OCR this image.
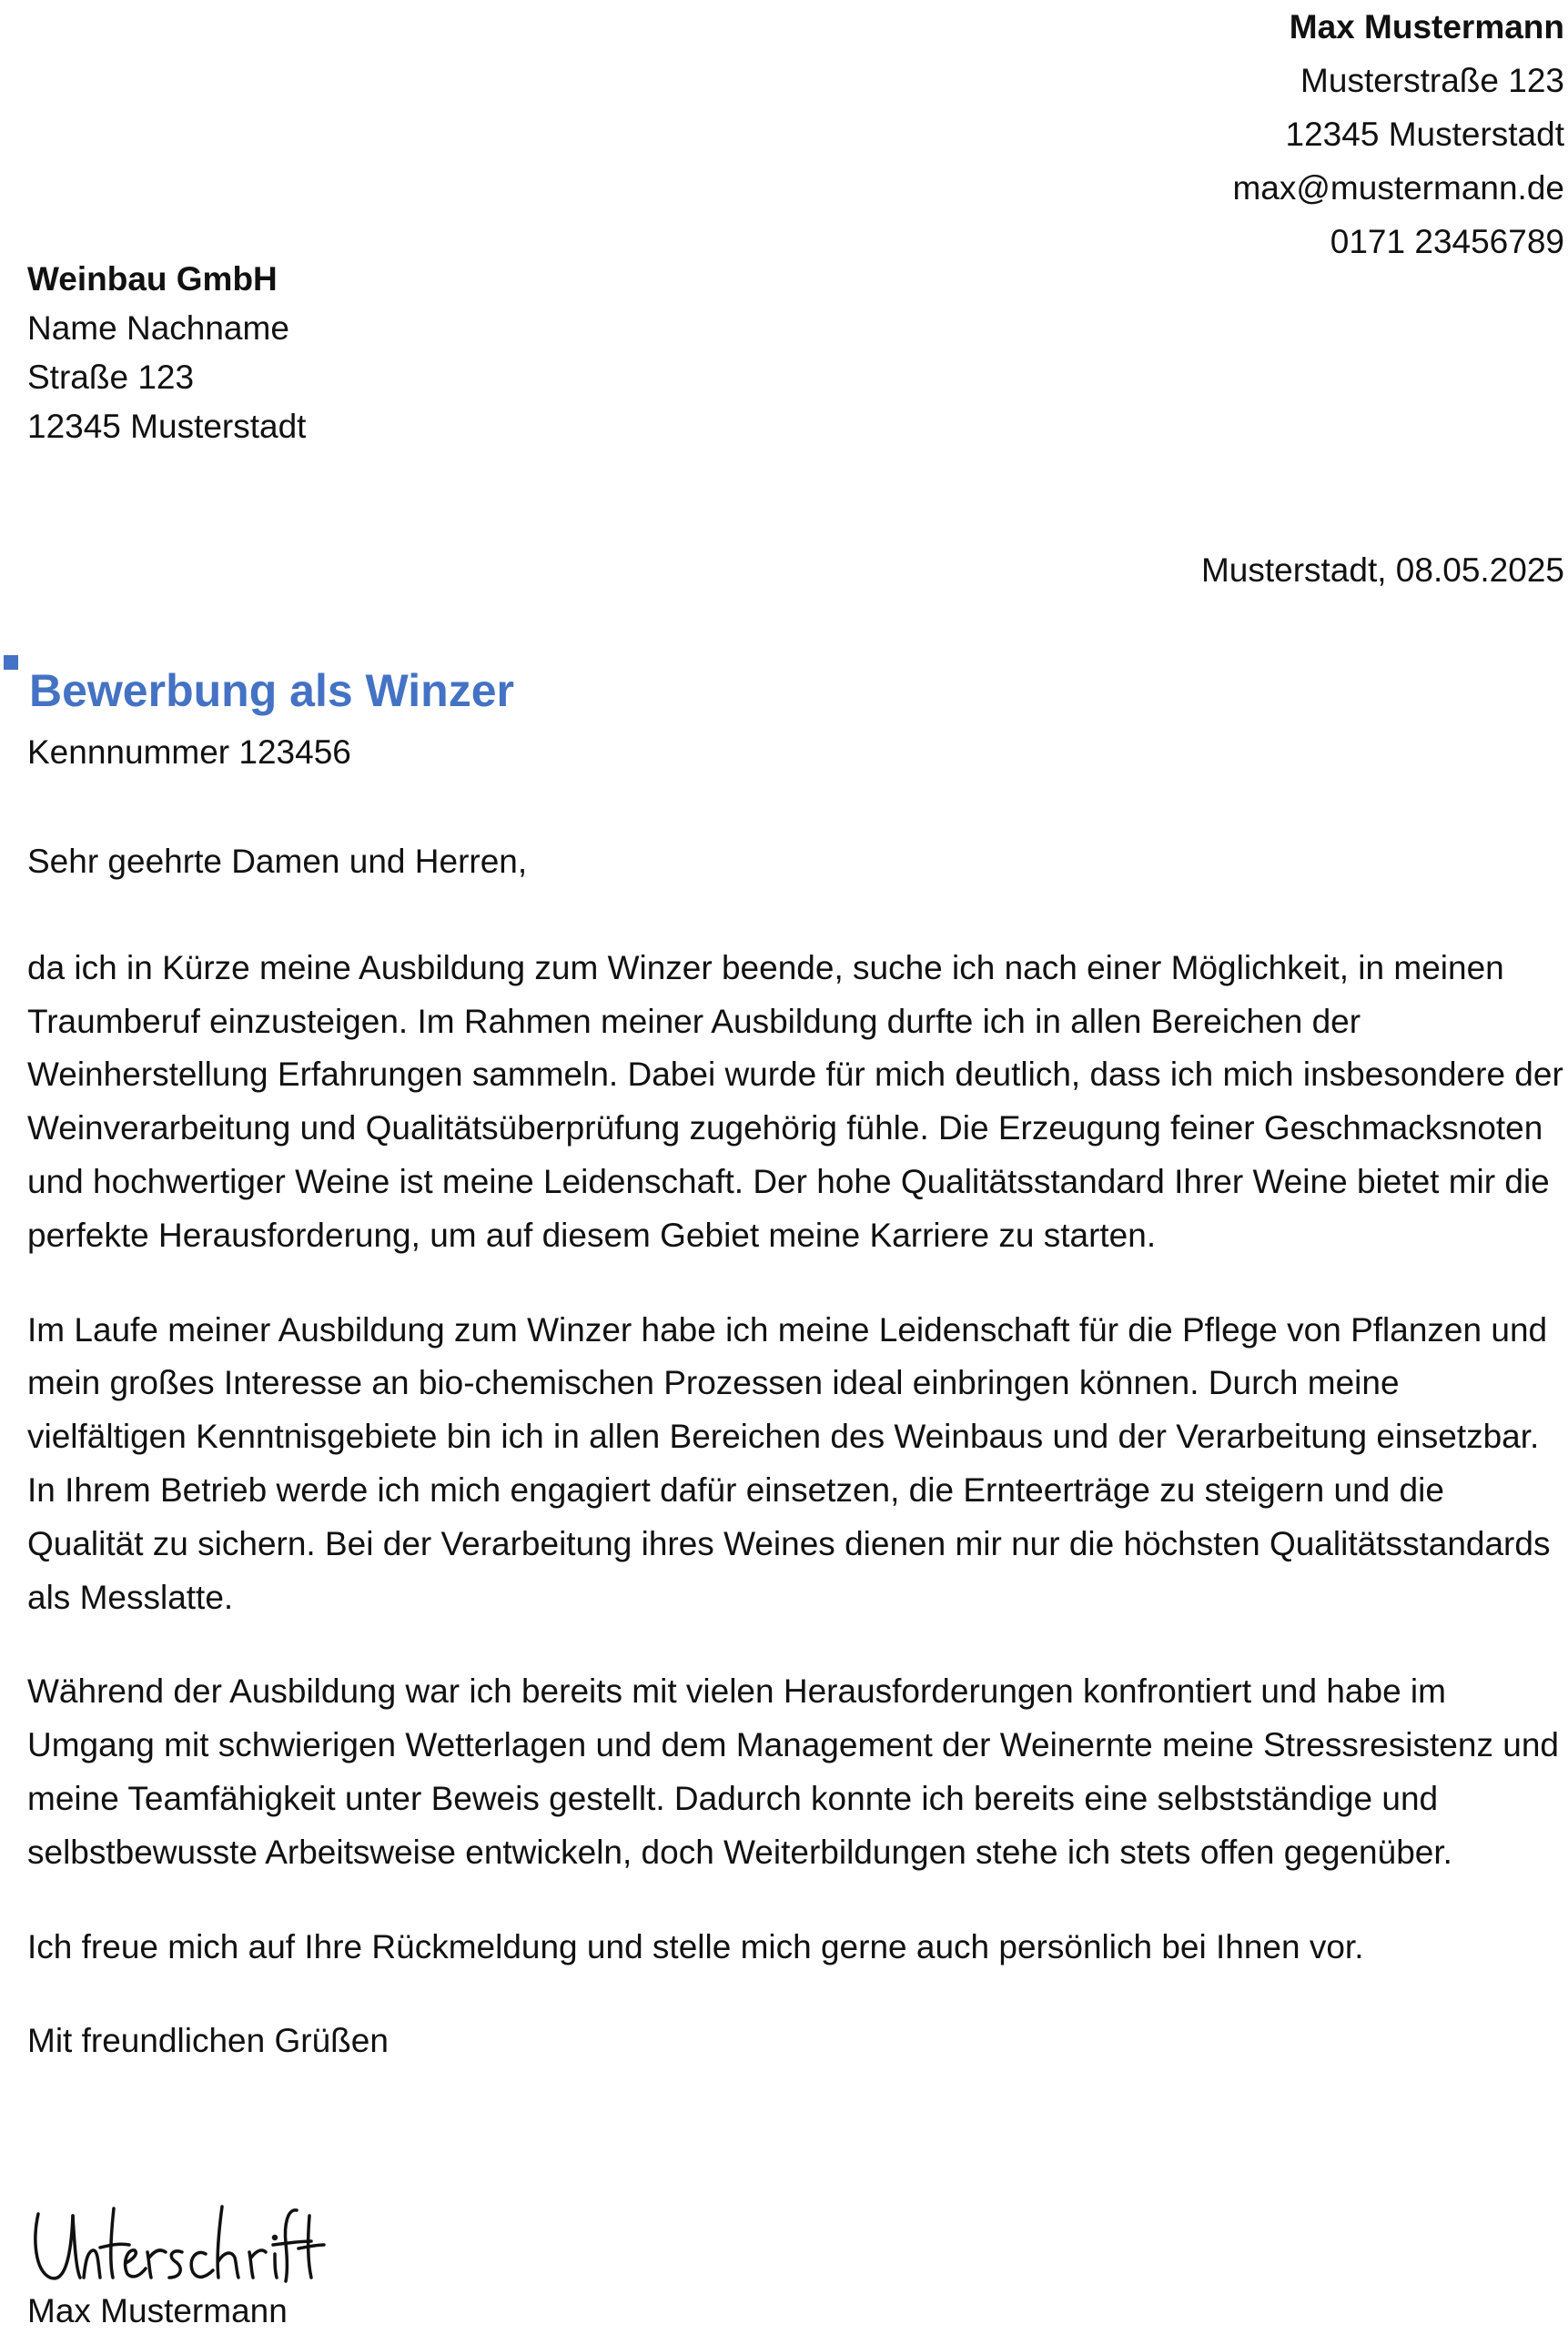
Max Mustermann
Musterstraße 123
12345 Musterstadt
max@mustermann.de
0171 23456789
Weinbau GmbH
Name Nachname
Straße 123
12345 Musterstadt
Musterstadt, 08.05.2025
Bewerbung als Winzer
Kennnummer 123456

Sehr geehrte Damen und Herren,

da ich in Kürze meine Ausbildung zum Winzer beende, suche ich nach einer Möglichkeit, in meinen Traumberuf einzusteigen. Im Rahmen meiner Ausbildung durfte ich in allen Bereichen der Weinherstellung Erfahrungen sammeln. Dabei wurde für mich deutlich, dass ich mich insbesondere der Weinverarbeitung und Qualitätsüberprüfung zugehörig fühle. Die Erzeugung feiner Geschmacksnoten und hochwertiger Weine ist meine Leidenschaft. Der hohe Qualitätsstandard Ihrer Weine bietet mir die perfekte Herausforderung, um auf diesem Gebiet meine Karriere zu starten.

Im Laufe meiner Ausbildung zum Winzer habe ich meine Leidenschaft für die Pflege von Pflanzen und mein großes Interesse an bio-chemischen Prozessen ideal einbringen können. Durch meine vielfältigen Kenntnisgebiete bin ich in allen Bereichen des Weinbaus und der Verarbeitung einsetzbar. In Ihrem Betrieb werde ich mich engagiert dafür einsetzen, die Ernteerträge zu steigern und die Qualität zu sichern. Bei der Verarbeitung ihres Weines dienen mir nur die höchsten Qualitätsstandards als Messlatte.

Während der Ausbildung war ich bereits mit vielen Herausforderungen konfrontiert und habe im Umgang mit schwierigen Wetterlagen und dem Management der Weinernte meine Stressresistenz und meine Teamfähigkeit unter Beweis gestellt. Dadurch konnte ich bereits eine selbstständige und selbstbewusste Arbeitsweise entwickeln, doch Weiterbildungen stehe ich stets offen gegenüber.

Ich freue mich auf Ihre Rückmeldung und stelle mich gerne auch persönlich bei Ihnen vor.

Mit freundlichen Grüßen

Max Mustermann
